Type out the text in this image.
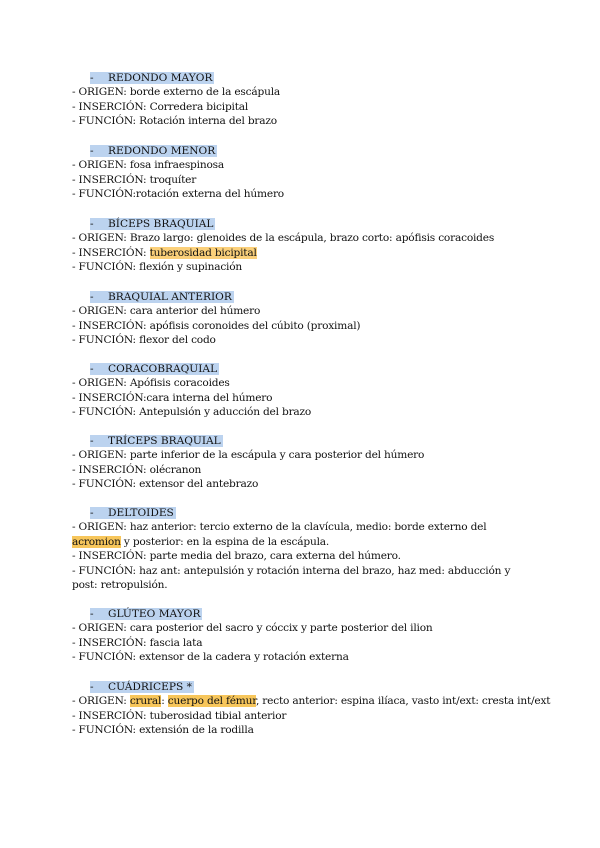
- REDONDO MAYOR
- ORIGEN: borde externo de la escápula
- INSERCIÓN: Corredera bicipital
- FUNCIÓN: Rotación interna del brazo
- REDONDO MENOR
- ORIGEN: fosa infraespinosa
- INSERCIÓN: troquíter
- FUNCIÓN:rotación externa del húmero
- BÍCEPS BRAQUIAL
- ORIGEN: Brazo largo: glenoides de la escápula, brazo corto: apófisis coracoides
- INSERCIÓN: tuberosidad bicipital
- FUNCIÓN: flexión y supinación
- BRAQUIAL ANTERIOR
- ORIGEN: cara anterior del húmero
- INSERCIÓN: apófisis coronoides del cúbito (proximal)
- FUNCIÓN: flexor del codo
- CORACOBRAQUIAL
- ORIGEN: Apófisis coracoides
- INSERCIÓN:cara interna del húmero
- FUNCIÓN: Antepulsión y aducción del brazo
- TRÍCEPS BRAQUIAL
- ORIGEN: parte inferior de la escápula y cara posterior del húmero
- INSERCIÓN: olécranon
- FUNCIÓN: extensor del antebrazo
- DELTOIDES
- ORIGEN: haz anterior: tercio externo de la clavícula, medio: borde externo del acromion y posterior: en la espina de la escápula.
- INSERCIÓN: parte media del brazo, cara externa del húmero.
- FUNCIÓN: haz ant: antepulsión y rotación interna del brazo, haz med: abducción y post: retropulsión.
- GLÚTEO MAYOR
- ORIGEN: cara posterior del sacro y cóccix y parte posterior del ilion
- INSERCIÓN: fascia lata
- FUNCIÓN: extensor de la cadera y rotación externa
- CUÁDRICEPS *
- ORIGEN: crural: cuerpo del fémur, recto anterior: espina ilíaca, vasto int/ext: cresta int/ext
- INSERCIÓN: tuberosidad tibial anterior
- FUNCIÓN: extensión de la rodilla
